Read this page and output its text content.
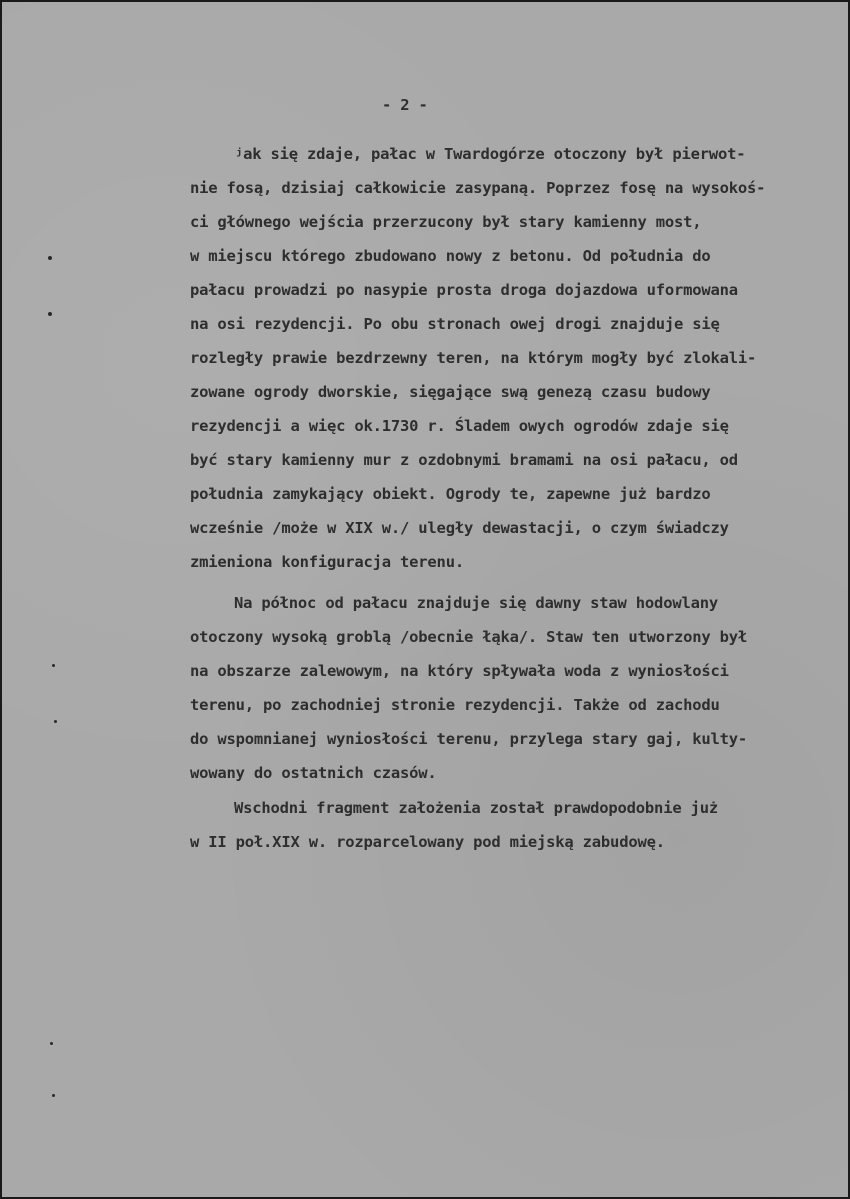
- 2 -
ʲak się zdaje, pałac w Twardogórze otoczony był pierwot-
nie fosą, dzisiaj całkowicie zasypaną. Poprzez fosę na wysokoś-
ci głównego wejścia przerzucony był stary kamienny most,
w miejscu którego zbudowano nowy z betonu. Od południa do
pałacu prowadzi po nasypie prosta droga dojazdowa uformowana
na osi rezydencji. Po obu stronach owej drogi znajduje się
rozległy prawie bezdrzewny teren, na którym mogły być zlokali-
zowane ogrody dworskie, sięgające swą genezą czasu budowy
rezydencji a więc ok.1730 r. Śladem owych ogrodów zdaje się
być stary kamienny mur z ozdobnymi bramami na osi pałacu, od
południa zamykający obiekt. Ogrody te, zapewne już bardzo
wcześnie /może w XIX w./ uległy dewastacji, o czym świadczy
zmieniona konfiguracja terenu.
Na północ od pałacu znajduje się dawny staw hodowlany
otoczony wysoką groblą /obecnie łąka/. Staw ten utworzony był
na obszarze zalewowym, na który spływała woda z wyniosłości
terenu, po zachodniej stronie rezydencji. Także od zachodu
do wspomnianej wyniosłości terenu, przylega stary gaj, kulty-
wowany do ostatnich czasów.
Wschodni fragment założenia został prawdopodobnie już
w II poł.XIX w. rozparcelowany pod miejską zabudowę.
